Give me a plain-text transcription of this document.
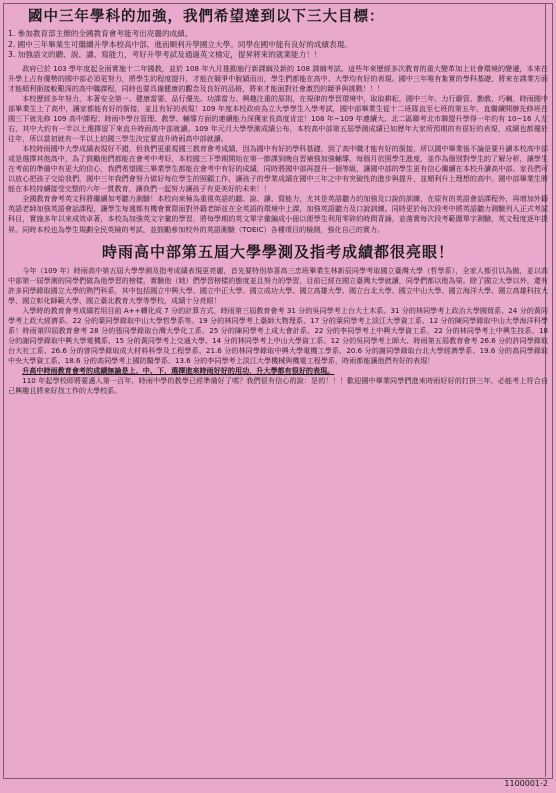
國中三年學科的加強，我們希望達到以下三大目標：
1. 參加教育部主辦的全國教育會考能考出亮麗的成績。
2. 國中三年畢業生可繼續升學本校高中部，進而順利升學國立大學。同學在國中能有良好的成績表現。
3. 加強語文的聽、說、讀、寫能力，考好升學考試及通過英文檢定，提昇將來的就業能力！！

政府已於 103 學年度起全面實施十二年國教，並於 108 年九月推動施行新課綱及新的 108 課綱考試。這些年來歷經多次教育的重大變革加上社會環境的變遷，本來在升學上占有優勢的國中部必須更努力，將學生的程度提升，才能在競爭中脫穎而出，學生們都能在高中、大學均有好的表現。國中三年唯有紮實的學科基礎，將來在課業方面才能順利銜接較艱深的高中職課程，同時也要具備健康的觀念及良好的品格，將來才能面對社會激烈的競爭與挑戰！！！

本校歷經多年努力，本著安全第一、健康當要、品行優先、功課當力、興趣注重的原則，在規律的學習環境中，取取耕耘，國中三年，力行嚴管、勤教、巧輔，時雨國中部畢業生上了高中，讓家都能有好的銜接，並且有好的表現！109 年度本校政府為立大學學生入學考試，國中部畢業生從十二班隊直至七班的第五年，直繼續開辦先修班在國三下就先修 109 高中課程；時雨中學在管理、教學、輔導方面的連續能力深獲家長高度肯定！108 年~109 年連續大、北二區聯考北市聯盟升學得一年約有 10~16 人左右，其中大約有一半以上選擇留下來直升時雨高中部就讀。109 年元月大學學測成績公布，本校高中部第五屆學測成績已如歷年大家所預期的有很好的表現，成績也都優於往年，所以當初就有一半以上的國三學生決定要直升時雨高中部就讀。

本校時雨國中大學成績表現好不錯，但我們更重視國三教育會考成績，因為國中有好的學科基礎，到了高中職才能有好的銜接，所以國中畢業後不論是要升讀本校高中部或是選擇其他高中，為了鼓勵他們都能在會考中考好，本校國三下學期開始在第一節課到晚自習補強加強輔導，每個月依照學生進度，並作為個別對學生的了解分析，讓學生在考前的準備中有更大的信心，我們希望國三畢業學生都能在會考中有好的成績，同時將國中部再提升一個等級，讓國中部的學生更有信心繼續在本校升讀高中部。家長們可以放心把孩子交給我們，國中三年我們會努力做好每位學生的照顧工作，讓孩子的學業成績在國中三年之中有突破性的進步與提升，並順利升上理想的高中。國中部畢業生將能在本校持續接受完整的六年一貫教育，讓我們一起努力讓孩子有更美好的未來！！

全國教育會考英文科將繼續加考聽力測驗！本校向來極為重視英語的聽、說、讀、寫能力，尤其是英語聽力的加強及口說的訓練，在原有的英語會話課程外，再增加外籍英語老師加強英語會話課程，讓學生每週都有機會實際面對外籍老師並在全英語的環境中上課，加強英語聽力及口說訓練。同時更於每次段考中將英語聽力測驗列入正式考試科目，實施多年以來成效卓著，本校為加強英文字彙的學習，將每學期的英文單字彙編成小冊以便學生利用零碎的時間背誦，並落實每次段考範圍單字測驗，英文程度逐年提昇。同時本校也為學生規劃全民英檢的考試，並鼓勵參加校外的英語測驗（TOEIC）各種項目的檢測，強化自己的實力。

時雨高中部第五屆大學學測及指考成績都很亮眼！

今年（109 年）時雨高中第五屆大學學測及指考成績表現更亮麗，首先要特別恭喜高三忠班畢業生林新辰同學考取國立臺灣大學（哲學系），全家人都引以為傲，並以高中部第一屆學測的同學們做為他學習的榜樣，實驗他（她）們學習榜樣的態度並且努力的學習，目前已經在國立臺灣大學就讀，同學們都以他為榮。除了國立大學以外，還有許多同學錄取國立大學的熱門科系，其中包括國立中興大學、國立中正大學、國立成功大學、國立高雄大學、國立台北大學、國立中山大學、國立海洋大學、國立高雄科技大學、國立彰化師範大學、國立臺北教育大學等學校，成績十分亮眼！

入學時的教育會考成績若用目前 A++轉化成 7 分的計算方式，時雨第三屆教育會考 31 分的吳同學考上台大土木系、31 分的林同學考上政治大學國貿系、24 分的黃同學考上政大經濟系、22 分的葉同學錄取中山大學哲學系等。19 分的林同學考上臺師大物理系、17 分的葉同學考上淡江大學資工系、12 分的陳同學錄取中山大學海洋科學系！時雨第四屆教育會考 28 分的張同學錄取台灣大學化工系、25 分的陳同學考上成大會計系、22 分的李同學考上中興大學資工系、22 分的林同學考上中興生技系、18 分的謝同學錄取中興大學電機系、15 分的黃同學考上交通大學、14 分的林同學考上中山大學資工系、12 分的吳同學考上師大、時雨第五屆教育會考 26.6 分的許同學錄取台大社工系、26.6 分的曾同學錄取成大材料科學及工程學系、21.6 分的林同學錄取中興大學電機工學系、20.6 分的謝同學錄取台北大學經濟學系、19.6 分的高同學錄取中央大學資工系、18.6 分的高同學考上國防醫學系、13.6 分的李同學考上淡江大學機械與機電工程學系，時雨都能讓他們有好的表現！

升高中時雨教育會考的成績無論是上、中、下，選擇進來時雨好好的用功，升大學都有很好的表現。

110 年起學校即將要邁入第一百年，時雨中學的教學已經準備好了嗎？我們很有信心的說：是的！！！歡迎國中畢業同學們進來時雨好好的打拼三年，必能考上符合自己興趣且將來好找工作的大學校系。

1100001-2
